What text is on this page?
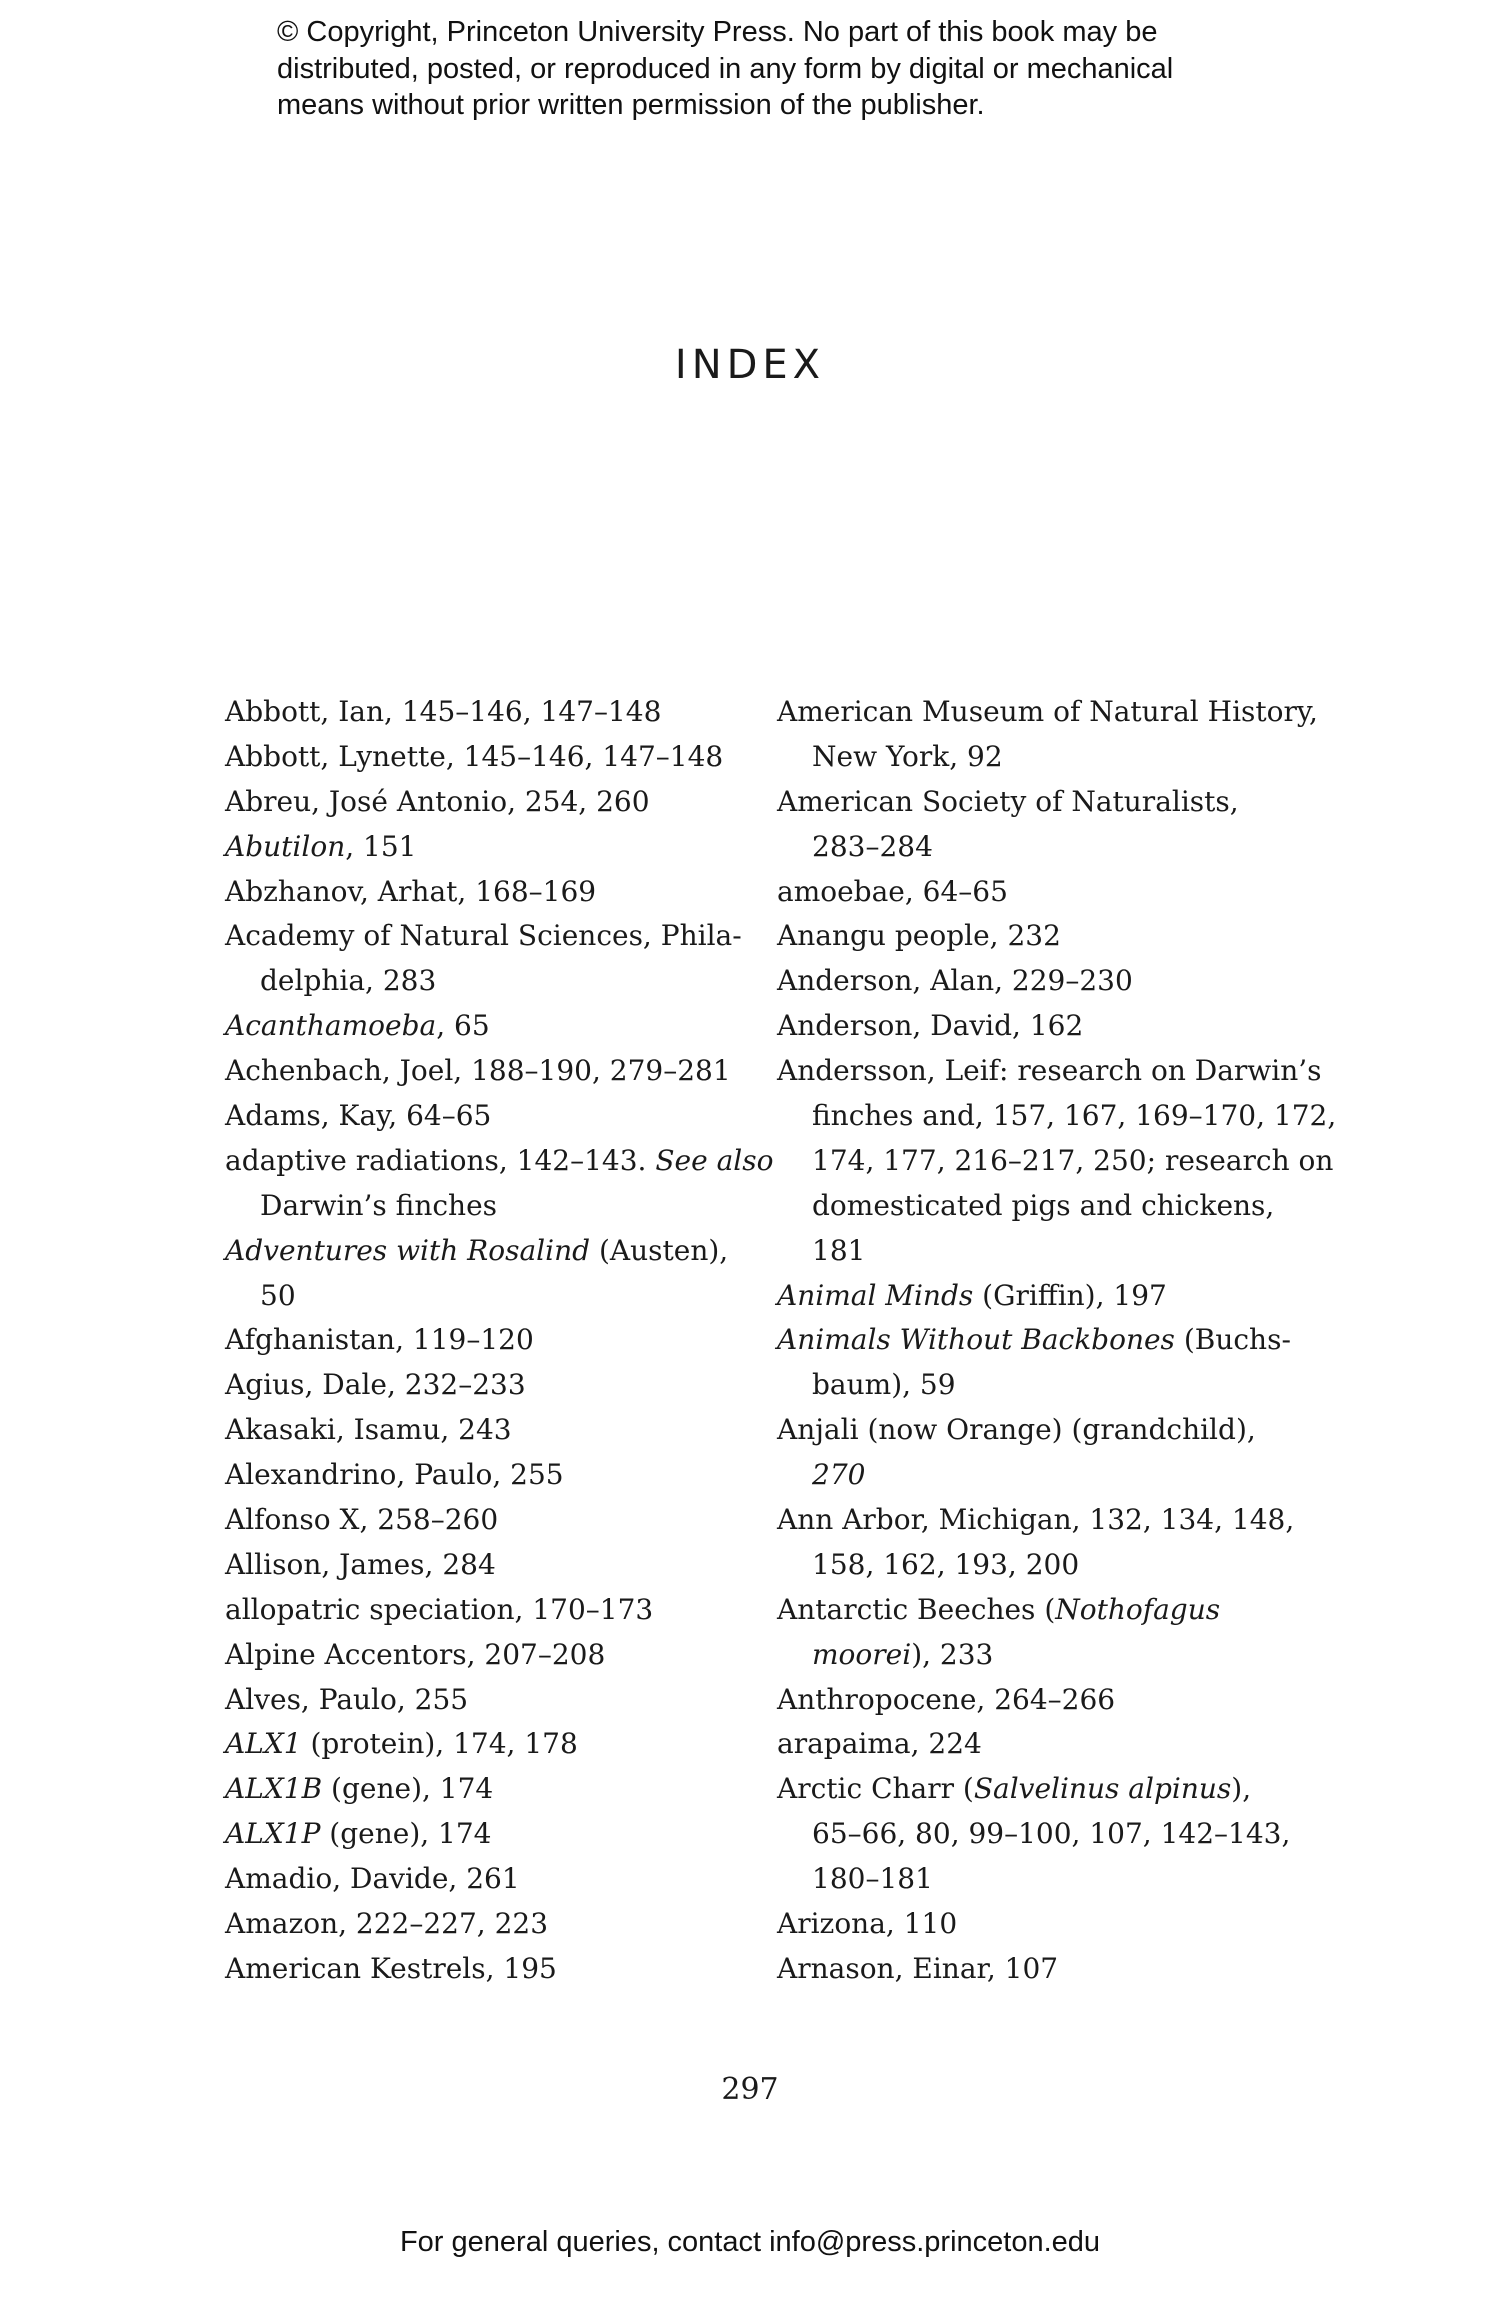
© Copyright, Princeton University Press. No part of this book may be
distributed, posted, or reproduced in any form by digital or mechanical
means without prior written permission of the publisher.
INDEX
Abbott, Ian, 145–146, 147–148
Abbott, Lynette, 145–146, 147–148
Abreu, José Antonio, 254, 260
Abutilon, 151
Abzhanov, Arhat, 168–169
Academy of Natural Sciences, Phila-
delphia, 283
Acanthamoeba, 65
Achenbach, Joel, 188–190, 279–281
Adams, Kay, 64–65
adaptive radiations, 142–143. See also
Darwin’s finches
Adventures with Rosalind (Austen),
50
Afghanistan, 119–120
Agius, Dale, 232–233
Akasaki, Isamu, 243
Alexandrino, Paulo, 255
Alfonso X, 258–260
Allison, James, 284
allopatric speciation, 170–173
Alpine Accentors, 207–208
Alves, Paulo, 255
ALX1 (protein), 174, 178
ALX1B (gene), 174
ALX1P (gene), 174
Amadio, Davide, 261
Amazon, 222–227, 223
American Kestrels, 195
American Museum of Natural History,
New York, 92
American Society of Naturalists,
283–284
amoebae, 64–65
Anangu people, 232
Anderson, Alan, 229–230
Anderson, David, 162
Andersson, Leif: research on Darwin’s
finches and, 157, 167, 169–170, 172,
174, 177, 216–217, 250; research on
domesticated pigs and chickens,
181
Animal Minds (Griffin), 197
Animals Without Backbones (Buchs-
baum), 59
Anjali (now Orange) (grandchild),
270
Ann Arbor, Michigan, 132, 134, 148,
158, 162, 193, 200
Antarctic Beeches (Nothofagus
moorei), 233
Anthropocene, 264–266
arapaima, 224
Arctic Charr (Salvelinus alpinus),
65–66, 80, 99–100, 107, 142–143,
180–181
Arizona, 110
Arnason, Einar, 107
297
For general queries, contact info@press.princeton.edu
